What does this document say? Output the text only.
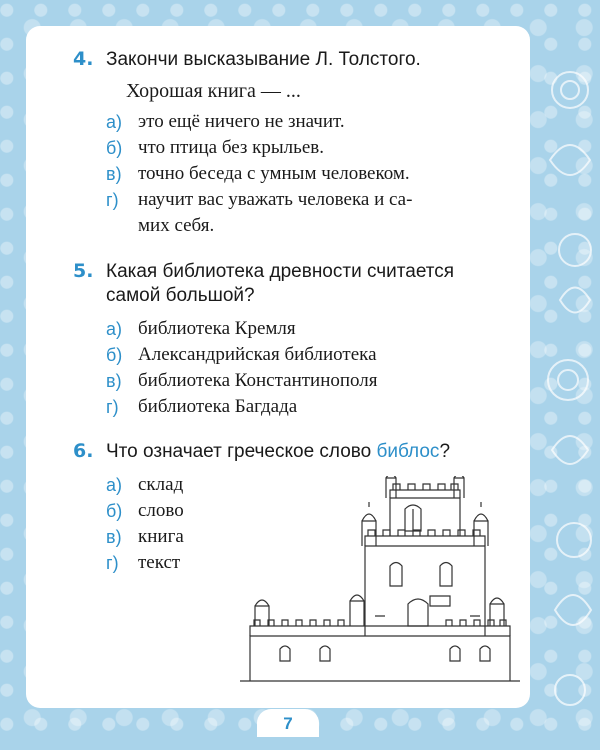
4. Закончи высказывание Л. Толстого.
Хорошая книга — ...
а) это ещё ничего не значит.
б) что птица без крыльев.
в) точно беседа с умным человеком.
г)	научит вас уважать человека и са-
мих себя.
5. Какая библиотека древности считается
самой большой?
а) библиотека Кремля
б) Александрийская библиотека
в) библиотека Константинополя
г)	библиотека Багдада
6. Что означает греческое слово библос?
а) склад
б) слово
в) книга
г)	текст
7
